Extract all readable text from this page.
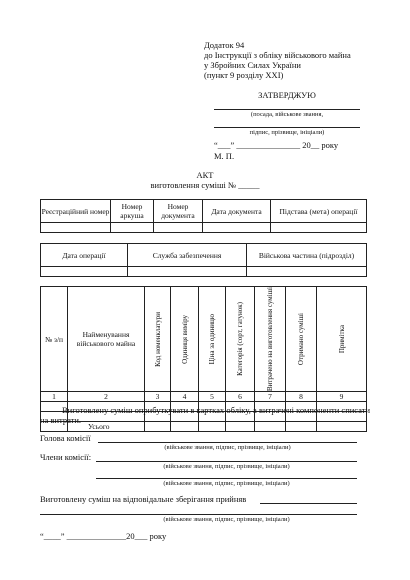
Додаток 94
до Інструкції з обліку військового майна
у Збройних Силах України
(пункт 9 розділу XXI)
ЗАТВЕРДЖУЮ
(посада, військове звання,
підпис, прізвище, ініціали)
“___” _______________ 20__ року
М. П.
АКТ
виготовлення суміші № _____
Реєстраційний номер	Номер аркуша	Номер документа	Дата документа	Підстава (мета) операції

Дата операції	Служба забезпечення	Військова частина (підрозділ)

№ з/п	Найменування військового майна	Код номенклатури	Одиниця виміру	Ціна за одиницю	Категорія (сорт, гатунок)	Витрачено на виготовлення суміші	Отримано суміші	Примітка

1	2	3	4	5	6	7	8	9

	Усього							
Виготовлену суміш оприбуткувати в картках обліку, а витрачені компоненти списати на витрати.
Голова комісії
(військове звання, підпис, прізвище, ініціали)
Члени комісії:
(військове звання, підпис, прізвище, ініціали)
(військове звання, підпис, прізвище, ініціали)
Виготовлену суміш на відповідальне зберігання прийняв
(військове звання, підпис, прізвище, ініціали)
“____” ______________20___ року
